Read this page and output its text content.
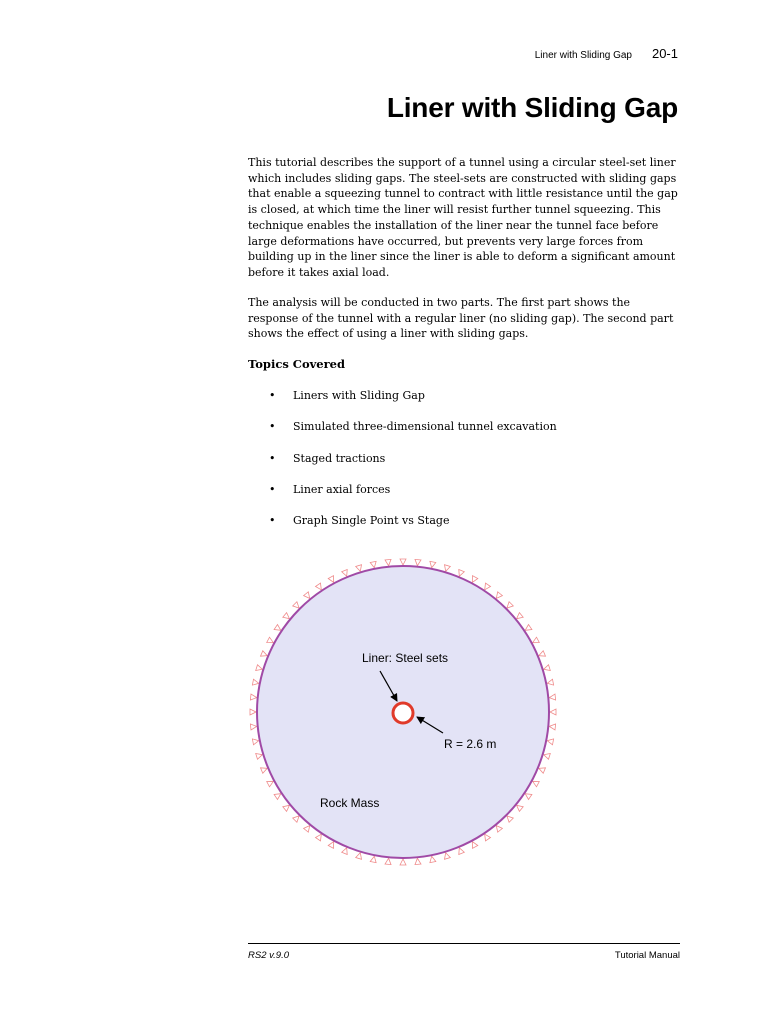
Liner with Sliding Gap 20-1
Liner with Sliding Gap

This tutorial describes the support of a tunnel using a circular steel-set liner which includes sliding gaps. The steel-sets are constructed with sliding gaps that enable a squeezing tunnel to contract with little resistance until the gap is closed, at which time the liner will resist further tunnel squeezing. This technique enables the installation of the liner near the tunnel face before large deformations have occurred, but prevents very large forces from building up in the liner since the liner is able to deform a significant amount before it takes axial load.

The analysis will be conducted in two parts. The first part shows the response of the tunnel with a regular liner (no sliding gap). The second part shows the effect of using a liner with sliding gaps.

Topics Covered
• Liners with Sliding Gap
• Simulated three-dimensional tunnel excavation
• Staged tractions
• Liner axial forces
• Graph Single Point vs Stage
Liner: Steel sets
R = 2.6 m
Rock Mass
RS2 v.9.0	Tutorial Manual
